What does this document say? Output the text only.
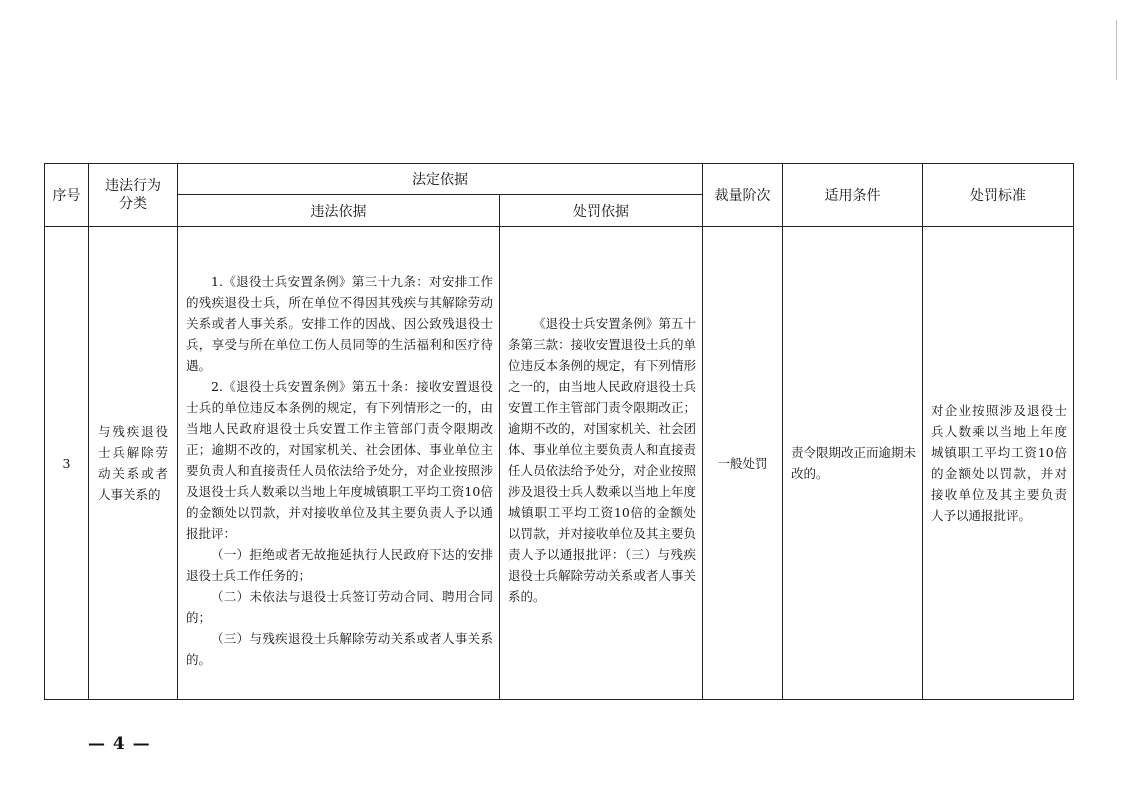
序号	违法行为分类	法定依据		裁量阶次	适用条件	处罚标准
		违法依据	处罚依据			
3	与残疾退役士兵解除劳动关系或者人事关系的	1.《退役士兵安置条例》第三十九条：对安排工作的残疾退役士兵，所在单位不得因其残疾与其解除劳动关系或者人事关系。安排工作的因战、因公致残退役士兵，享受与所在单位工伤人员同等的生活福利和医疗待遇。

2.《退役士兵安置条例》第五十条：接收安置退役士兵的单位违反本条例的规定，有下列情形之一的，由当地人民政府退役士兵安置工作主管部门责令限期改正；逾期不改的，对国家机关、社会团体、事业单位主要负责人和直接责任人员依法给予处分，对企业按照涉及退役士兵人数乘以当地上年度城镇职工平均工资10倍的金额处以罚款，并对接收单位及其主要负责人予以通报批评：

（一）拒绝或者无故拖延执行人民政府下达的安排退役士兵工作任务的；

（二）未依法与退役士兵签订劳动合同、聘用合同的；

（三）与残疾退役士兵解除劳动关系或者人事关系的。	《退役士兵安置条例》第五十条第三款：接收安置退役士兵的单位违反本条例的规定，有下列情形之一的，由当地人民政府退役士兵安置工作主管部门责令限期改正；逾期不改的，对国家机关、社会团体、事业单位主要负责人和直接责任人员依法给予处分，对企业按照涉及退役士兵人数乘以当地上年度城镇职工平均工资10倍的金额处以罚款，并对接收单位及其主要负责人予以通报批评：（三）与残疾退役士兵解除劳动关系或者人事关系的。	一般处罚	责令限期改正而逾期未改的。	对企业按照涉及退役士兵人数乘以当地上年度城镇职工平均工资10倍的金额处以罚款，并对接收单位及其主要负责人予以通报批评。
— 4 —
